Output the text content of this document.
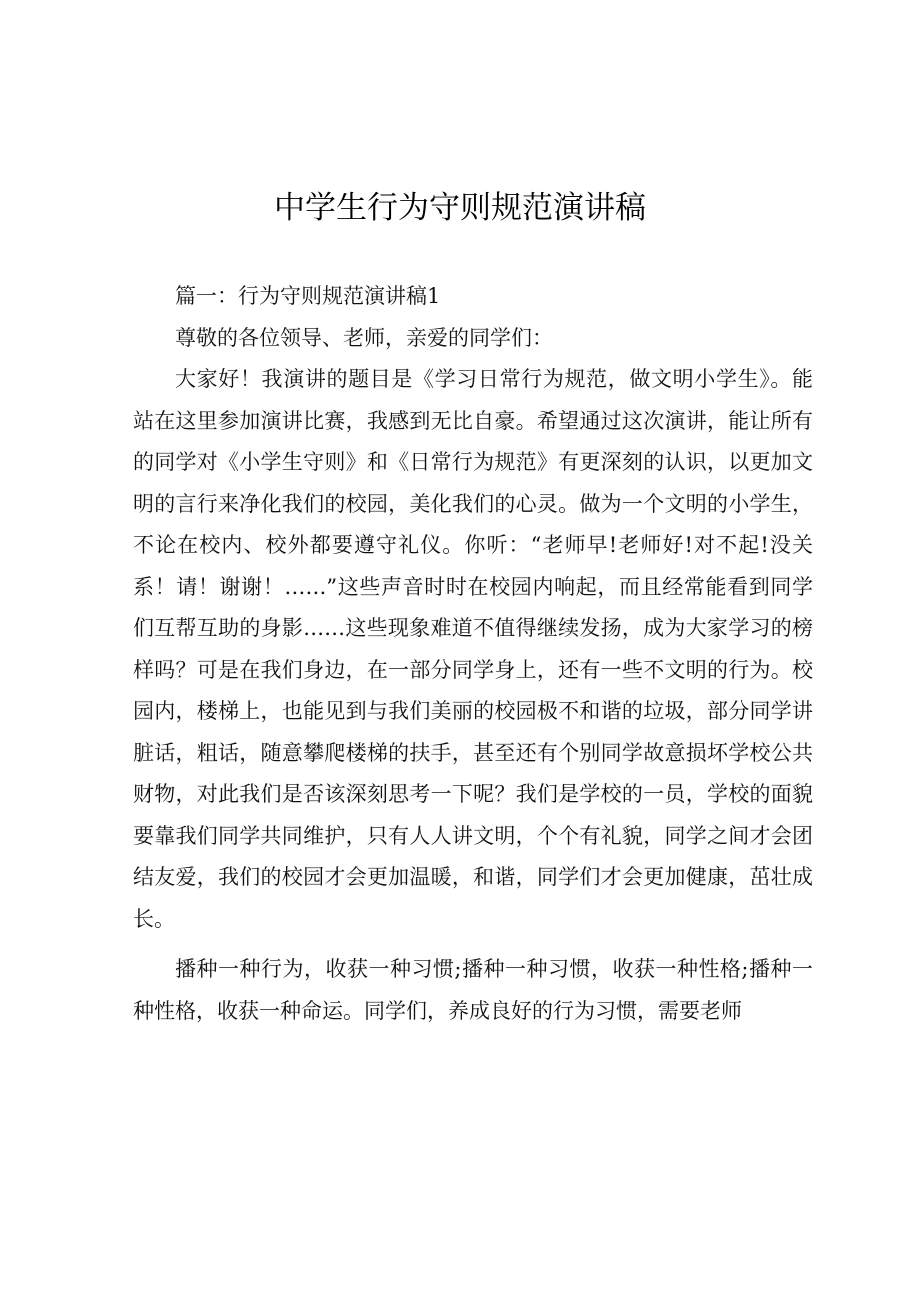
中学生行为守则规范演讲稿

篇一：行为守则规范演讲稿1

尊敬的各位领导、老师，亲爱的同学们：

大家好！我演讲的题目是《学习日常行为规范，做文明小学生》。能站在这里参加演讲比赛，我感到无比自豪。希望通过这次演讲，能让所有的同学对《小学生守则》和《日常行为规范》有更深刻的认识，以更加文明的言行来净化我们的校园，美化我们的心灵。做为一个文明的小学生，不论在校内、校外都要遵守礼仪。你听：“老师早!老师好!对不起!没关系！请！谢谢！……”这些声音时时在校园内响起，而且经常能看到同学们互帮互助的身影……这些现象难道不值得继续发扬，成为大家学习的榜样吗？可是在我们身边，在一部分同学身上，还有一些不文明的行为。校园内，楼梯上，也能见到与我们美丽的校园极不和谐的垃圾，部分同学讲脏话，粗话，随意攀爬楼梯的扶手，甚至还有个别同学故意损坏学校公共财物，对此我们是否该深刻思考一下呢？我们是学校的一员，学校的面貌要靠我们同学共同维护，只有人人讲文明，个个有礼貌，同学之间才会团结友爱，我们的校园才会更加温暖，和谐，同学们才会更加健康，茁壮成长。

播种一种行为，收获一种习惯;播种一种习惯，收获一种性格;播种一种性格，收获一种命运。同学们，养成良好的行为习惯，需要老师
